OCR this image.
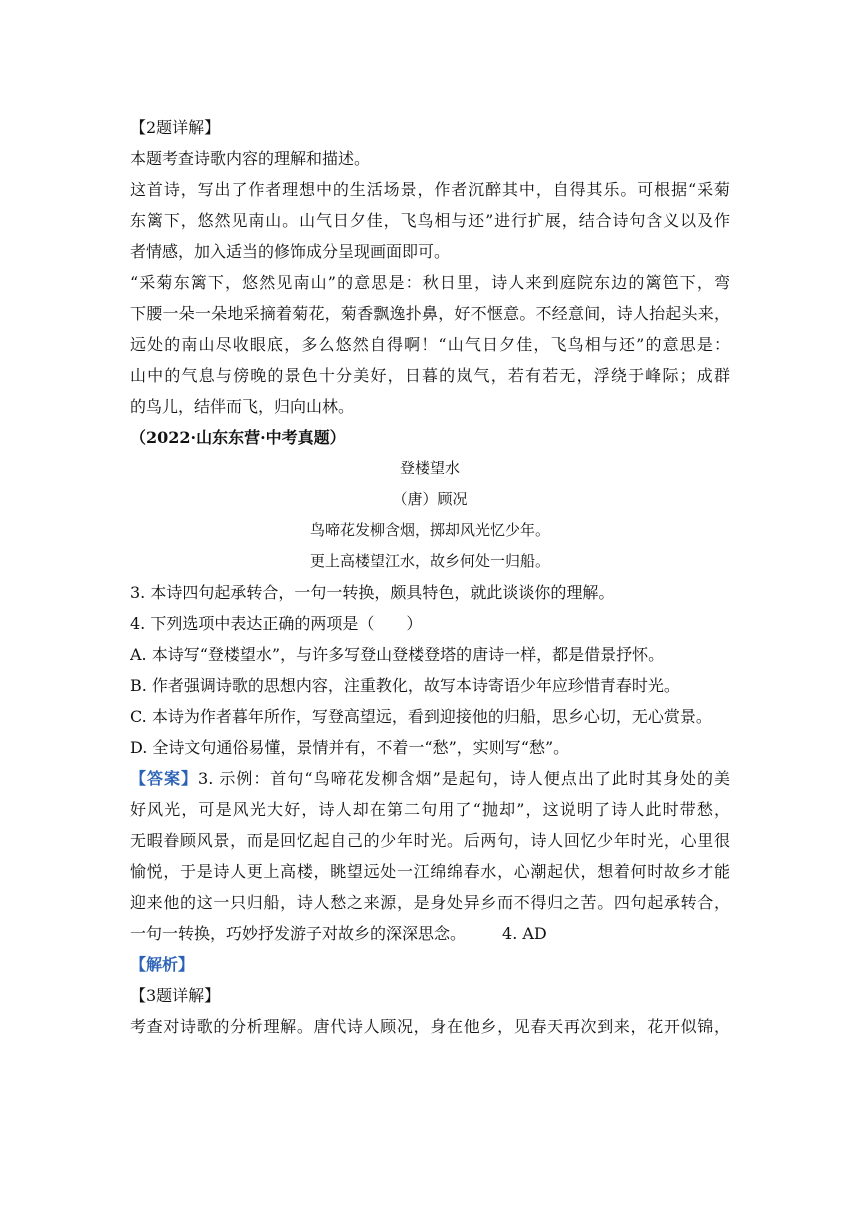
【2题详解】
本题考查诗歌内容的理解和描述。
这首诗，写出了作者理想中的生活场景，作者沉醉其中，自得其乐。可根据“采菊
东篱下，悠然见南山。山气日夕佳，飞鸟相与还”进行扩展，结合诗句含义以及作
者情感，加入适当的修饰成分呈现画面即可。
“采菊东篱下，悠然见南山”的意思是：秋日里，诗人来到庭院东边的篱笆下，弯
下腰一朵一朵地采摘着菊花，菊香飘逸扑鼻，好不惬意。不经意间，诗人抬起头来，
远处的南山尽收眼底，多么悠然自得啊！“山气日夕佳，飞鸟相与还”的意思是：
山中的气息与傍晚的景色十分美好，日暮的岚气，若有若无，浮绕于峰际；成群
的鸟儿，结伴而飞，归向山林。
（2022·山东东营·中考真题）
登楼望水
（唐）顾况
鸟啼花发柳含烟，掷却风光忆少年。
更上高楼望江水，故乡何处一归船。
3. 本诗四句起承转合，一句一转换，颇具特色，就此谈谈你的理解。
4. 下列选项中表达正确的两项是（　　）
A. 本诗写“登楼望水”，与许多写登山登楼登塔的唐诗一样，都是借景抒怀。
B. 作者强调诗歌的思想内容，注重教化，故写本诗寄语少年应珍惜青春时光。
C. 本诗为作者暮年所作，写登高望远，看到迎接他的归船，思乡心切，无心赏景。
D. 全诗文句通俗易懂，景情并有，不着一“愁”，实则写“愁”。
【答案】3. 示例：首句“鸟啼花发柳含烟”是起句，诗人便点出了此时其身处的美
好风光，可是风光大好，诗人却在第二句用了“抛却”，这说明了诗人此时带愁，
无暇眷顾风景，而是回忆起自己的少年时光。后两句，诗人回忆少年时光，心里很
愉悦，于是诗人更上高楼，眺望远处一江绵绵春水，心潮起伏，想着何时故乡才能
迎来他的这一只归船，诗人愁之来源，是身处异乡而不得归之苦。四句起承转合，
一句一转换，巧妙抒发游子对故乡的深深思念。 4. AD
【解析】
【3题详解】
考查对诗歌的分析理解。唐代诗人顾况，身在他乡，见春天再次到来，花开似锦，
